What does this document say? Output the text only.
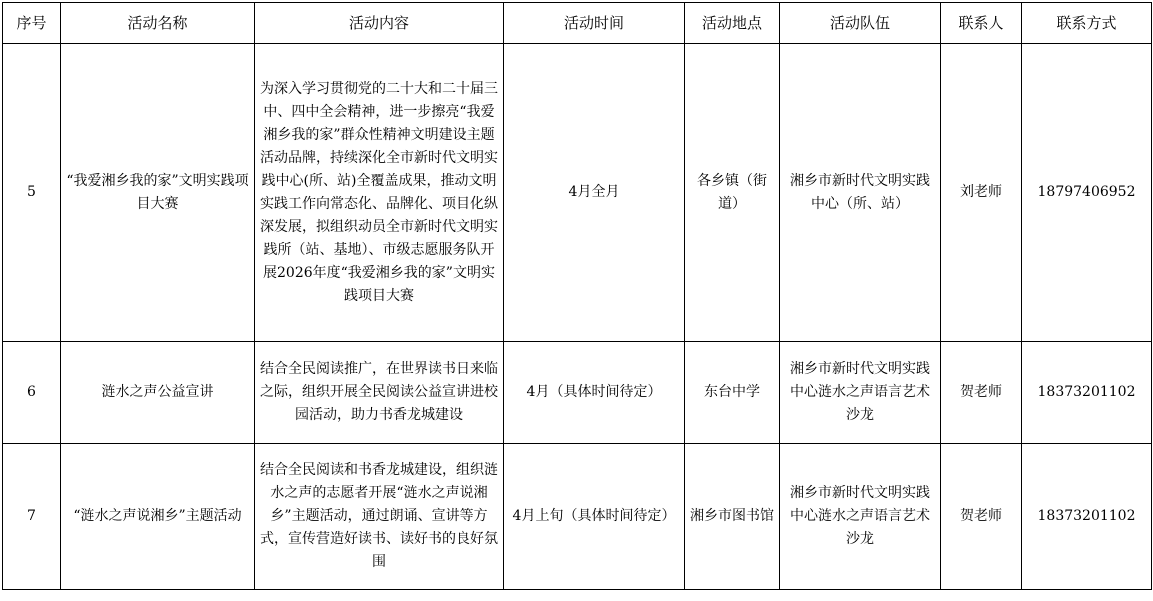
序号	活动名称	活动内容	活动时间	活动地点	活动队伍	联系人	联系方式
5	“我爱湘乡我的家”文明实践项目大赛	为深入学习贯彻党的二十大和二十届三中、四中全会精神，进一步擦亮“我爱湘乡我的家”群众性精神文明建设主题活动品牌，持续深化全市新时代文明实践中心(所、站)全覆盖成果，推动文明实践工作向常态化、品牌化、项目化纵深发展，拟组织动员全市新时代文明实践所（站、基地）、市级志愿服务队开展2026年度“我爱湘乡我的家”文明实践项目大赛	4月全月	各乡镇（街道）	湘乡市新时代文明实践中心（所、站）	刘老师	18797406952
6	涟水之声公益宣讲	结合全民阅读推广，在世界读书日来临之际，组织开展全民阅读公益宣讲进校园活动，助力书香龙城建设	4月（具体时间待定）	东台中学	湘乡市新时代文明实践中心涟水之声语言艺术沙龙	贺老师	18373201102
7	“涟水之声说湘乡”主题活动	结合全民阅读和书香龙城建设，组织涟水之声的志愿者开展“涟水之声说湘乡”主题活动，通过朗诵、宣讲等方式，宣传营造好读书、读好书的良好氛围	4月上旬（具体时间待定）	湘乡市图书馆	湘乡市新时代文明实践中心涟水之声语言艺术沙龙	贺老师	18373201102
